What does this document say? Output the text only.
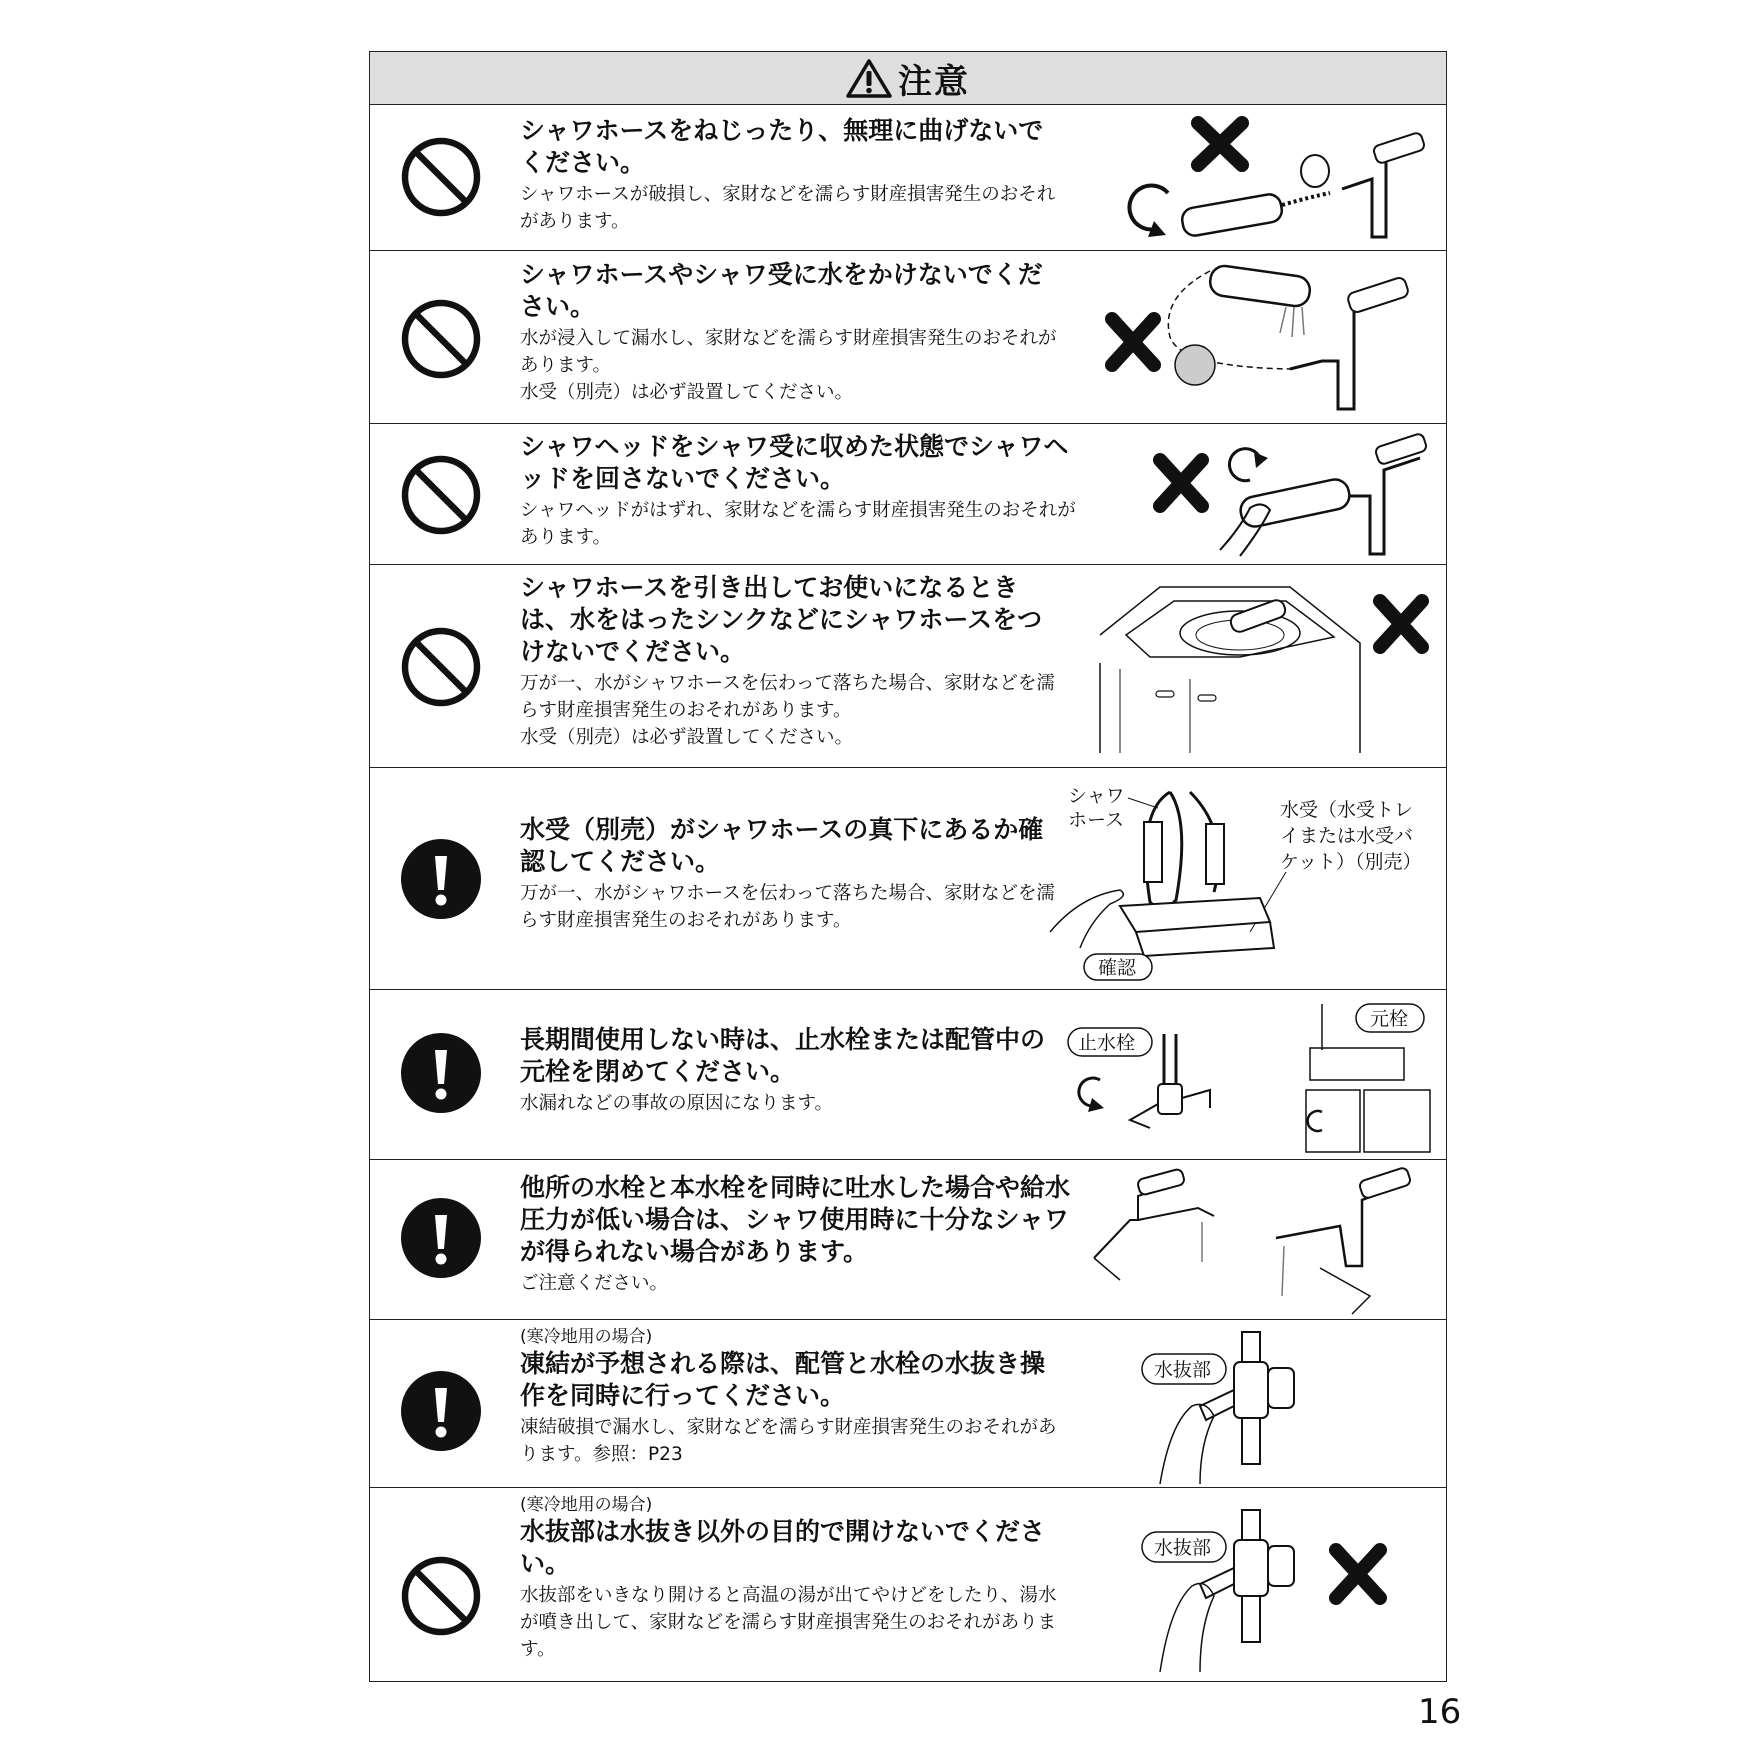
注意

シャワホースをねじったり、無理に曲げないでください。

シャワホースが破損し、家財などを濡らす財産損害発生のおそれがあります。

シャワホースやシャワ受に水をかけないでください。

水が浸入して漏水し、家財などを濡らす財産損害発生のおそれがあります。

水受（別売）は必ず設置してください。

シャワヘッドをシャワ受に収めた状態でシャワヘッドを回さないでください。

シャワヘッドがはずれ、家財などを濡らす財産損害発生のおそれがあります。

シャワホースを引き出してお使いになるときは、水をはったシンクなどにシャワホースをつけないでください。

万が一、水がシャワホースを伝わって落ちた場合、家財などを濡らす財産損害発生のおそれがあります。

水受（別売）は必ず設置してください。

水受（別売）がシャワホースの真下にあるか確認してください。

万が一、水がシャワホースを伝わって落ちた場合、家財などを濡らす財産損害発生のおそれがあります。

シャワ
ホース	水受（水受トレ
イまたは水受バ
ケット）（別売）
確認

長期間使用しない時は、止水栓または配管中の元栓を閉めてください。

水漏れなどの事故の原因になります。

止水栓
元栓

他所の水栓と本水栓を同時に吐水した場合や給水圧力が低い場合は、シャワ使用時に十分なシャワが得られない場合があります。

ご注意ください。

(寒冷地用の場合)

凍結が予想される際は、配管と水栓の水抜き操作を同時に行ってください。

凍結破損で漏水し、家財などを濡らす財産損害発生のおそれがあります。参照：P23

水抜部

(寒冷地用の場合)

水抜部は水抜き以外の目的で開けないでください。

水抜部をいきなり開けると高温の湯が出てやけどをしたり、湯水が噴き出して、家財などを濡らす財産損害発生のおそれがあります。

水抜部
16
